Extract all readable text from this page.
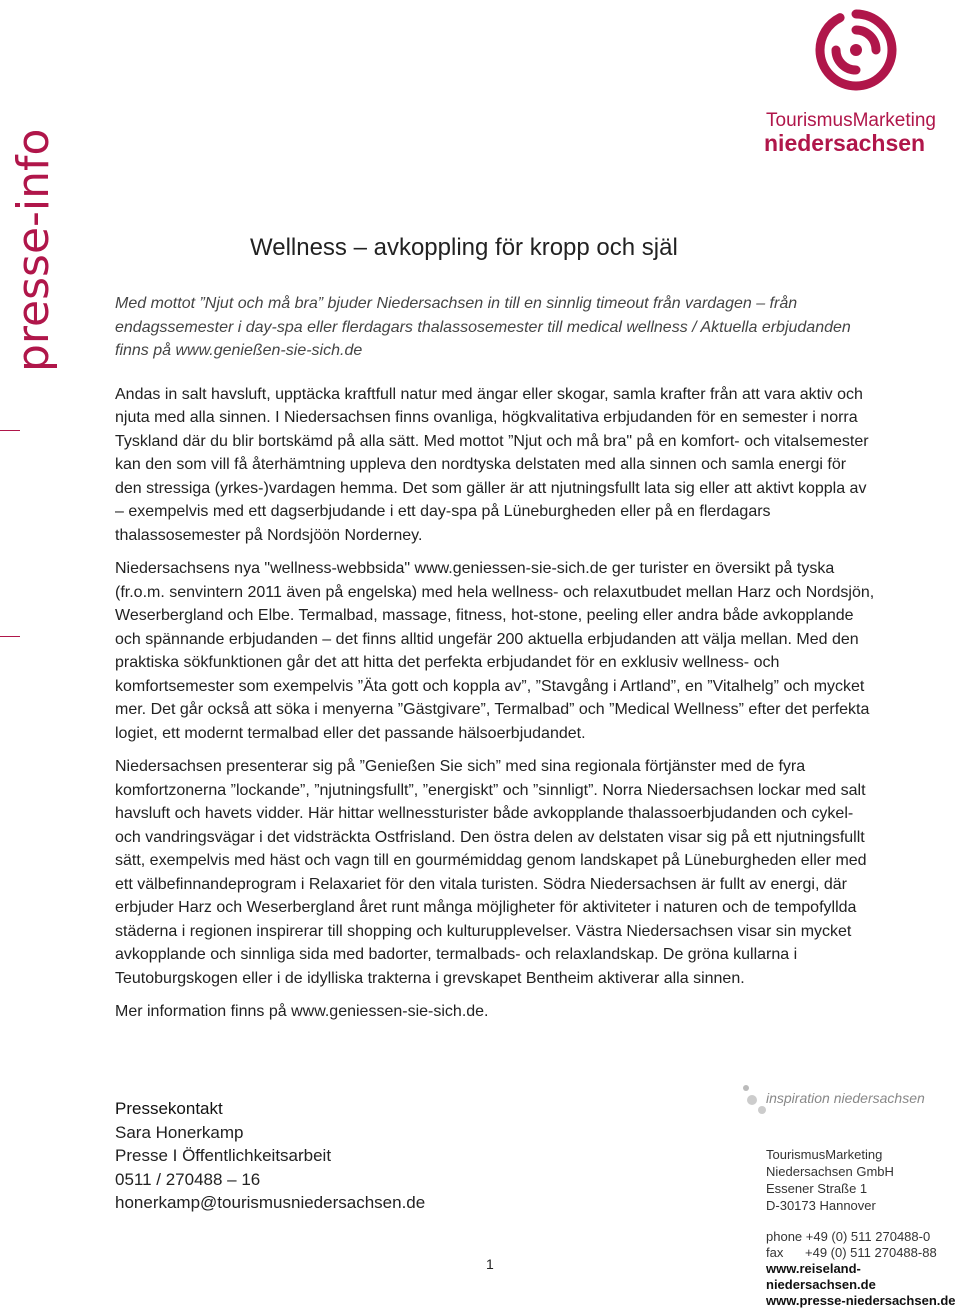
presse-info
TourismusMarketing
niedersachsen
Wellness – avkoppling för kropp och själ

Med mottot ”Njut och må bra” bjuder Niedersachsen in till en sinnlig timeout från vardagen – från endagssemester i day-spa eller flerdagars thalassosemester till medical wellness / Aktuella erbjudanden finns på www.genießen-sie-sich.de

Andas in salt havsluft, upptäcka kraftfull natur med ängar eller skogar, samla krafter från att vara aktiv och njuta med alla sinnen. I Niedersachsen finns ovanliga, högkvalitativa erbjudanden för en semester i norra Tyskland där du blir bortskämd på alla sätt. Med mottot ”Njut och må bra" på en komfort- och vitalsemester kan den som vill få återhämtning uppleva den nordtyska delstaten med alla sinnen och samla energi för den stressiga (yrkes-)vardagen hemma. Det som gäller är att njutningsfullt lata sig eller att aktivt koppla av – exempelvis med ett dagserbjudande i ett day-spa på Lüneburgheden eller på en flerdagars thalassosemester på Nordsjöön Norderney.

Niedersachsens nya "wellness-webbsida" www.geniessen-sie-sich.de ger turister en översikt på tyska (fr.o.m. senvintern 2011 även på engelska) med hela wellness- och relaxutbudet mellan Harz och Nordsjön, Weserbergland och Elbe. Termalbad, massage, fitness, hot-stone, peeling eller andra både avkopplande och spännande erbjudanden – det finns alltid ungefär 200 aktuella erbjudanden att välja mellan. Med den praktiska sökfunktionen går det att hitta det perfekta erbjudandet för en exklusiv wellness- och komfortsemester som exempelvis ”Äta gott och koppla av”, ”Stavgång i Artland”, en ”Vitalhelg” och mycket mer. Det går också att söka i menyerna ”Gästgivare”, Termalbad” och ”Medical Wellness” efter det perfekta logiet, ett modernt termalbad eller det passande hälsoerbjudandet.

Niedersachsen presenterar sig på ”Genießen Sie sich” med sina regionala förtjänster med de fyra komfortzonerna ”lockande”, ”njutningsfullt”, ”energiskt” och ”sinnligt”. Norra Niedersachsen lockar med salt havsluft och havets vidder. Här hittar wellnessturister både avkopplande thalassoerbjudanden och cykel- och vandringsvägar i det vidsträckta Ostfrisland. Den östra delen av delstaten visar sig på ett njutningsfullt sätt, exempelvis med häst och vagn till en gourmémiddag genom landskapet på Lüneburgheden eller med ett välbefinnandeprogram i Relaxariet för den vitala turisten. Södra Niedersachsen är fullt av energi, där erbjuder Harz och Weserbergland året runt många möjligheter för aktiviteter i naturen och de tempofyllda städerna i regionen inspirerar till shopping och kulturupplevelser. Västra Niedersachsen visar sin mycket avkopplande och sinnliga sida med badorter, termalbads- och relaxlandskap. De gröna kullarna i Teutoburgskogen eller i de idylliska trakterna i grevskapet Bentheim aktiverar alla sinnen.

Mer information finns på www.geniessen-sie-sich.de.

Pressekontakt
Sara Honerkamp
Presse I Öffentlichkeitsarbeit
0511 / 270488 – 16
honerkamp@tourismusniedersachsen.de
inspiration niedersachsen
TourismusMarketing
Niedersachsen GmbH
Essener Straße 1
D-30173 Hannover
phone +49 (0) 511 270488-0
fax      +49 (0) 511 270488-88
www.reiseland-niedersachsen.de
www.presse-niedersachsen.de
1
